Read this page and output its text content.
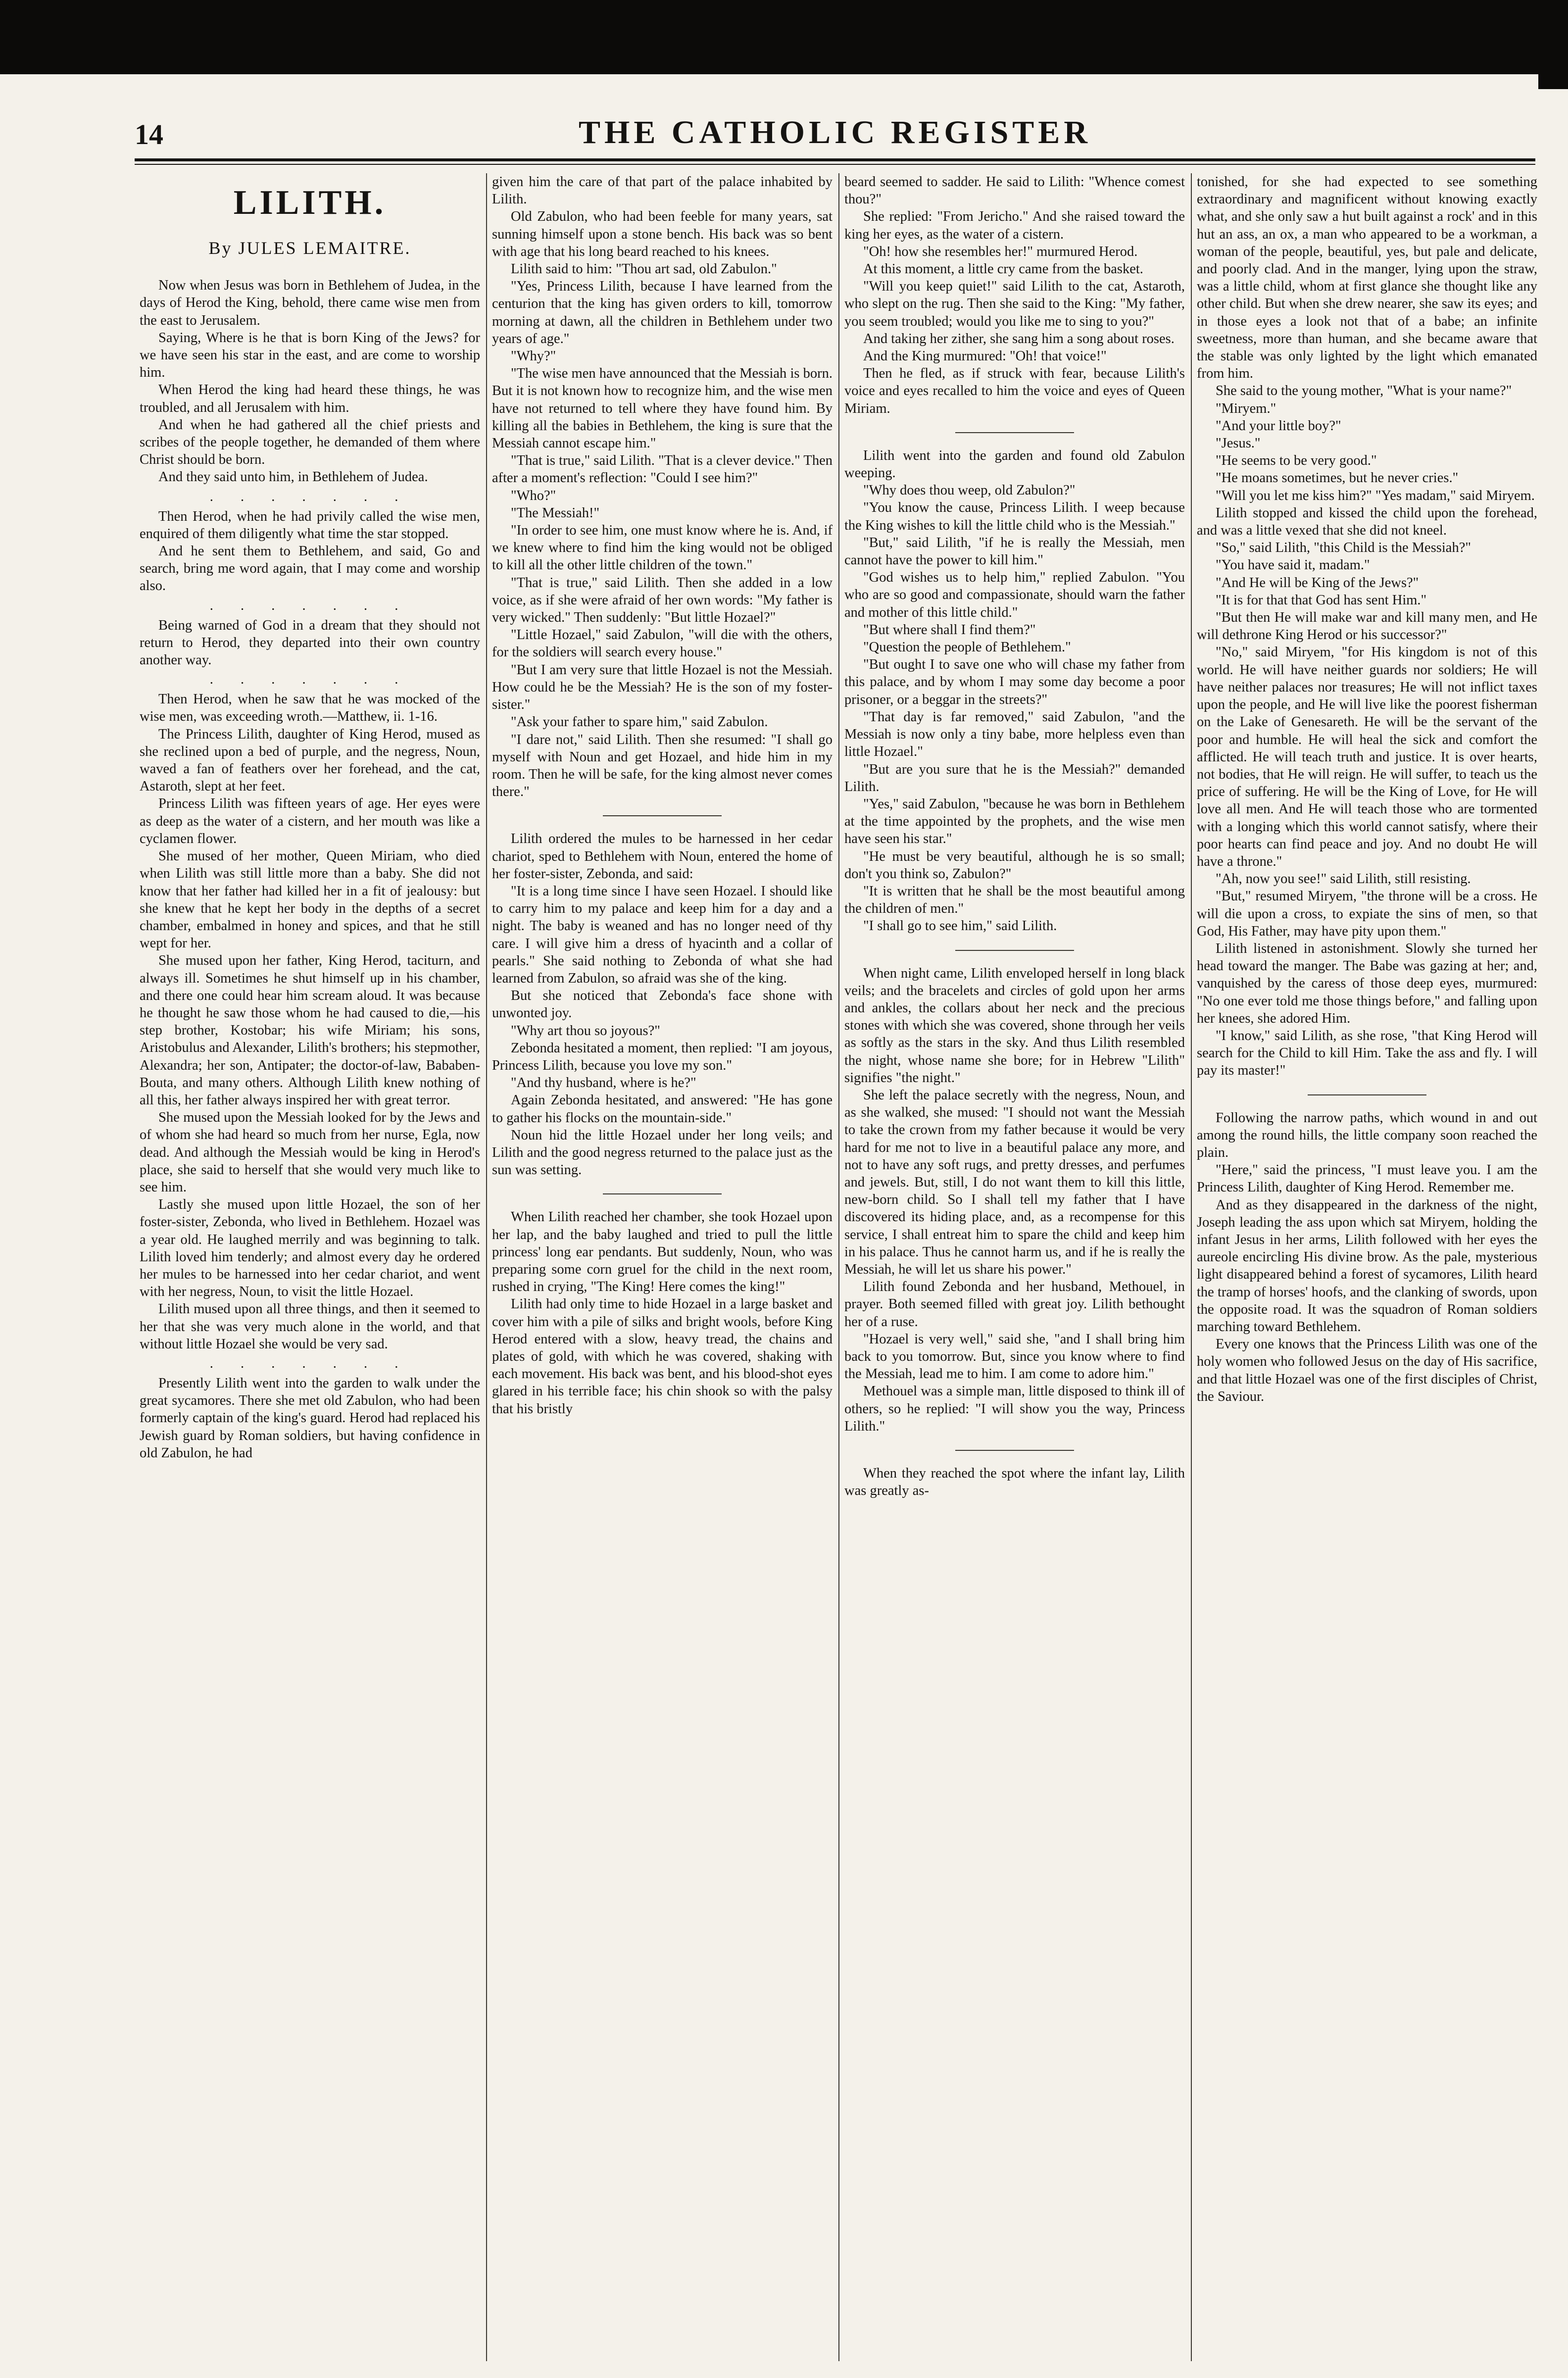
14	THE CATHOLIC REGISTER
LILITH.
By JULES LEMAITRE.

Now when Jesus was born in Bethlehem of Judea, in the days of Herod the King, behold, there came wise men from the east to Jerusalem.

Saying, Where is he that is born King of the Jews? for we have seen his star in the east, and are come to worship him.

When Herod the king had heard these things, he was troubled, and all Jerusalem with him.

And when he had gathered all the chief priests and scribes of the people together, he demanded of them where Christ should be born.

And they said unto him, in Bethlehem of Judea.

. . . . . . .

Then Herod, when he had privily called the wise men, enquired of them diligently what time the star stopped.

And he sent them to Bethlehem, and said, Go and search, bring me word again, that I may come and worship also.

. . . . . . .

Being warned of God in a dream that they should not return to Herod, they departed into their own country another way.

. . . . . . .

Then Herod, when he saw that he was mocked of the wise men, was exceeding wroth.—Matthew, ii. 1-16.

The Princess Lilith, daughter of King Herod, mused as she reclined upon a bed of purple, and the negress, Noun, waved a fan of feathers over her forehead, and the cat, Astaroth, slept at her feet.

Princess Lilith was fifteen years of age. Her eyes were as deep as the water of a cistern, and her mouth was like a cyclamen flower.

She mused of her mother, Queen Miriam, who died when Lilith was still little more than a baby. She did not know that her father had killed her in a fit of jealousy: but she knew that he kept her body in the depths of a secret chamber, embalmed in honey and spices, and that he still wept for her.

She mused upon her father, King Herod, taciturn, and always ill. Sometimes he shut himself up in his chamber, and there one could hear him scream aloud. It was because he thought he saw those whom he had caused to die,—his step brother, Kostobar; his wife Miriam; his sons, Aristobulus and Alexander, Lilith's brothers; his stepmother, Alexandra; her son, Antipater; the doctor-of-law, Bababen-Bouta, and many others. Although Lilith knew nothing of all this, her father always inspired her with great terror.

She mused upon the Messiah looked for by the Jews and of whom she had heard so much from her nurse, Egla, now dead. And although the Messiah would be king in Herod's place, she said to herself that she would very much like to see him.

Lastly she mused upon little Hozael, the son of her foster-sister, Zebonda, who lived in Bethlehem. Hozael was a year old. He laughed merrily and was beginning to talk. Lilith loved him tenderly; and almost every day he ordered her mules to be harnessed into her cedar chariot, and went with her negress, Noun, to visit the little Hozael.

Lilith mused upon all three things, and then it seemed to her that she was very much alone in the world, and that without little Hozael she would be very sad.

. . . . . . .

Presently Lilith went into the garden to walk under the great sycamores. There she met old Zabulon, who had been formerly captain of the king's guard. Herod had replaced his Jewish guard by Roman soldiers, but having confidence in old Zabulon, he had

given him the care of that part of the palace inhabited by Lilith.

Old Zabulon, who had been feeble for many years, sat sunning himself upon a stone bench. His back was so bent with age that his long beard reached to his knees.

Lilith said to him: "Thou art sad, old Zabulon."

"Yes, Princess Lilith, because I have learned from the centurion that the king has given orders to kill, tomorrow morning at dawn, all the children in Bethlehem under two years of age."

"Why?"

"The wise men have announced that the Messiah is born. But it is not known how to recognize him, and the wise men have not returned to tell where they have found him. By killing all the babies in Bethlehem, the king is sure that the Messiah cannot escape him."

"That is true," said Lilith. "That is a clever device." Then after a moment's reflection: "Could I see him?"

"Who?"

"The Messiah!"

"In order to see him, one must know where he is. And, if we knew where to find him the king would not be obliged to kill all the other little children of the town."

"That is true," said Lilith. Then she added in a low voice, as if she were afraid of her own words: "My father is very wicked." Then suddenly: "But little Hozael?"

"Little Hozael," said Zabulon, "will die with the others, for the soldiers will search every house."

"But I am very sure that little Hozael is not the Messiah. How could he be the Messiah? He is the son of my foster-sister."

"Ask your father to spare him," said Zabulon.

"I dare not," said Lilith. Then she resumed: "I shall go myself with Noun and get Hozael, and hide him in my room. Then he will be safe, for the king almost never comes there."

Lilith ordered the mules to be harnessed in her cedar chariot, sped to Bethlehem with Noun, entered the home of her foster-sister, Zebonda, and said:

"It is a long time since I have seen Hozael. I should like to carry him to my palace and keep him for a day and a night. The baby is weaned and has no longer need of thy care. I will give him a dress of hyacinth and a collar of pearls." She said nothing to Zebonda of what she had learned from Zabulon, so afraid was she of the king.

But she noticed that Zebonda's face shone with unwonted joy.

"Why art thou so joyous?"

Zebonda hesitated a moment, then replied: "I am joyous, Princess Lilith, because you love my son."

"And thy husband, where is he?"

Again Zebonda hesitated, and answered: "He has gone to gather his flocks on the mountain-side."

Noun hid the little Hozael under her long veils; and Lilith and the good negress returned to the palace just as the sun was setting.

When Lilith reached her chamber, she took Hozael upon her lap, and the baby laughed and tried to pull the little princess' long ear pendants. But suddenly, Noun, who was preparing some corn gruel for the child in the next room, rushed in crying, "The King! Here comes the king!"

Lilith had only time to hide Hozael in a large basket and cover him with a pile of silks and bright wools, before King Herod entered with a slow, heavy tread, the chains and plates of gold, with which he was covered, shaking with each movement. His back was bent, and his blood-shot eyes glared in his terrible face; his chin shook so with the palsy that his bristly

beard seemed to sadder. He said to Lilith: "Whence comest thou?"

She replied: "From Jericho." And she raised toward the king her eyes, as the water of a cistern.

"Oh! how she resembles her!" murmured Herod.

At this moment, a little cry came from the basket.

"Will you keep quiet!" said Lilith to the cat, Astaroth, who slept on the rug. Then she said to the King: "My father, you seem troubled; would you like me to sing to you?"

And taking her zither, she sang him a song about roses.

And the King murmured: "Oh! that voice!"

Then he fled, as if struck with fear, because Lilith's voice and eyes recalled to him the voice and eyes of Queen Miriam.

Lilith went into the garden and found old Zabulon weeping.

"Why does thou weep, old Zabulon?"

"You know the cause, Princess Lilith. I weep because the King wishes to kill the little child who is the Messiah."

"But," said Lilith, "if he is really the Messiah, men cannot have the power to kill him."

"God wishes us to help him," replied Zabulon. "You who are so good and compassionate, should warn the father and mother of this little child."

"But where shall I find them?"

"Question the people of Bethlehem."

"But ought I to save one who will chase my father from this palace, and by whom I may some day become a poor prisoner, or a beggar in the streets?"

"That day is far removed," said Zabulon, "and the Messiah is now only a tiny babe, more helpless even than little Hozael."

"But are you sure that he is the Messiah?" demanded Lilith.

"Yes," said Zabulon, "because he was born in Bethlehem at the time appointed by the prophets, and the wise men have seen his star."

"He must be very beautiful, although he is so small; don't you think so, Zabulon?"

"It is written that he shall be the most beautiful among the children of men."

"I shall go to see him," said Lilith.

When night came, Lilith enveloped herself in long black veils; and the bracelets and circles of gold upon her arms and ankles, the collars about her neck and the precious stones with which she was covered, shone through her veils as softly as the stars in the sky. And thus Lilith resembled the night, whose name she bore; for in Hebrew "Lilith" signifies "the night."

She left the palace secretly with the negress, Noun, and as she walked, she mused: "I should not want the Messiah to take the crown from my father because it would be very hard for me not to live in a beautiful palace any more, and not to have any soft rugs, and pretty dresses, and perfumes and jewels. But, still, I do not want them to kill this little, new-born child. So I shall tell my father that I have discovered its hiding place, and, as a recompense for this service, I shall entreat him to spare the child and keep him in his palace. Thus he cannot harm us, and if he is really the Messiah, he will let us share his power."

Lilith found Zebonda and her husband, Methouel, in prayer. Both seemed filled with great joy. Lilith bethought her of a ruse.

"Hozael is very well," said she, "and I shall bring him back to you tomorrow. But, since you know where to find the Messiah, lead me to him. I am come to adore him."

Methouel was a simple man, little disposed to think ill of others, so he replied: "I will show you the way, Princess Lilith."

When they reached the spot where the infant lay, Lilith was greatly as-

tonished, for she had expected to see something extraordinary and magnificent without knowing exactly what, and she only saw a hut built against a rock' and in this hut an ass, an ox, a man who appeared to be a workman, a woman of the people, beautiful, yes, but pale and delicate, and poorly clad. And in the manger, lying upon the straw, was a little child, whom at first glance she thought like any other child. But when she drew nearer, she saw its eyes; and in those eyes a look not that of a babe; an infinite sweetness, more than human, and she became aware that the stable was only lighted by the light which emanated from him.

She said to the young mother, "What is your name?"

"Miryem."

"And your little boy?"

"Jesus."

"He seems to be very good."

"He moans sometimes, but he never cries."

"Will you let me kiss him?" "Yes madam," said Miryem.

Lilith stopped and kissed the child upon the forehead, and was a little vexed that she did not kneel.

"So," said Lilith, "this Child is the Messiah?"

"You have said it, madam."

"And He will be King of the Jews?"

"It is for that that God has sent Him."

"But then He will make war and kill many men, and He will dethrone King Herod or his successor?"

"No," said Miryem, "for His kingdom is not of this world. He will have neither guards nor soldiers; He will have neither palaces nor treasures; He will not inflict taxes upon the people, and He will live like the poorest fisherman on the Lake of Genesareth. He will be the servant of the poor and humble. He will heal the sick and comfort the afflicted. He will teach truth and justice. It is over hearts, not bodies, that He will reign. He will suffer, to teach us the price of suffering. He will be the King of Love, for He will love all men. And He will teach those who are tormented with a longing which this world cannot satisfy, where their poor hearts can find peace and joy. And no doubt He will have a throne."

"Ah, now you see!" said Lilith, still resisting.

"But," resumed Miryem, "the throne will be a cross. He will die upon a cross, to expiate the sins of men, so that God, His Father, may have pity upon them."

Lilith listened in astonishment. Slowly she turned her head toward the manger. The Babe was gazing at her; and, vanquished by the caress of those deep eyes, murmured: "No one ever told me those things before," and falling upon her knees, she adored Him.

"I know," said Lilith, as she rose, "that King Herod will search for the Child to kill Him. Take the ass and fly. I will pay its master!"

Following the narrow paths, which wound in and out among the round hills, the little company soon reached the plain.

"Here," said the princess, "I must leave you. I am the Princess Lilith, daughter of King Herod. Remember me.

And as they disappeared in the darkness of the night, Joseph leading the ass upon which sat Miryem, holding the infant Jesus in her arms, Lilith followed with her eyes the aureole encircling His divine brow. As the pale, mysterious light disappeared behind a forest of sycamores, Lilith heard the tramp of horses' hoofs, and the clanking of swords, upon the opposite road. It was the squadron of Roman soldiers marching toward Bethlehem.

Every one knows that the Princess Lilith was one of the holy women who followed Jesus on the day of His sacrifice, and that little Hozael was one of the first disciples of Christ, the Saviour.
